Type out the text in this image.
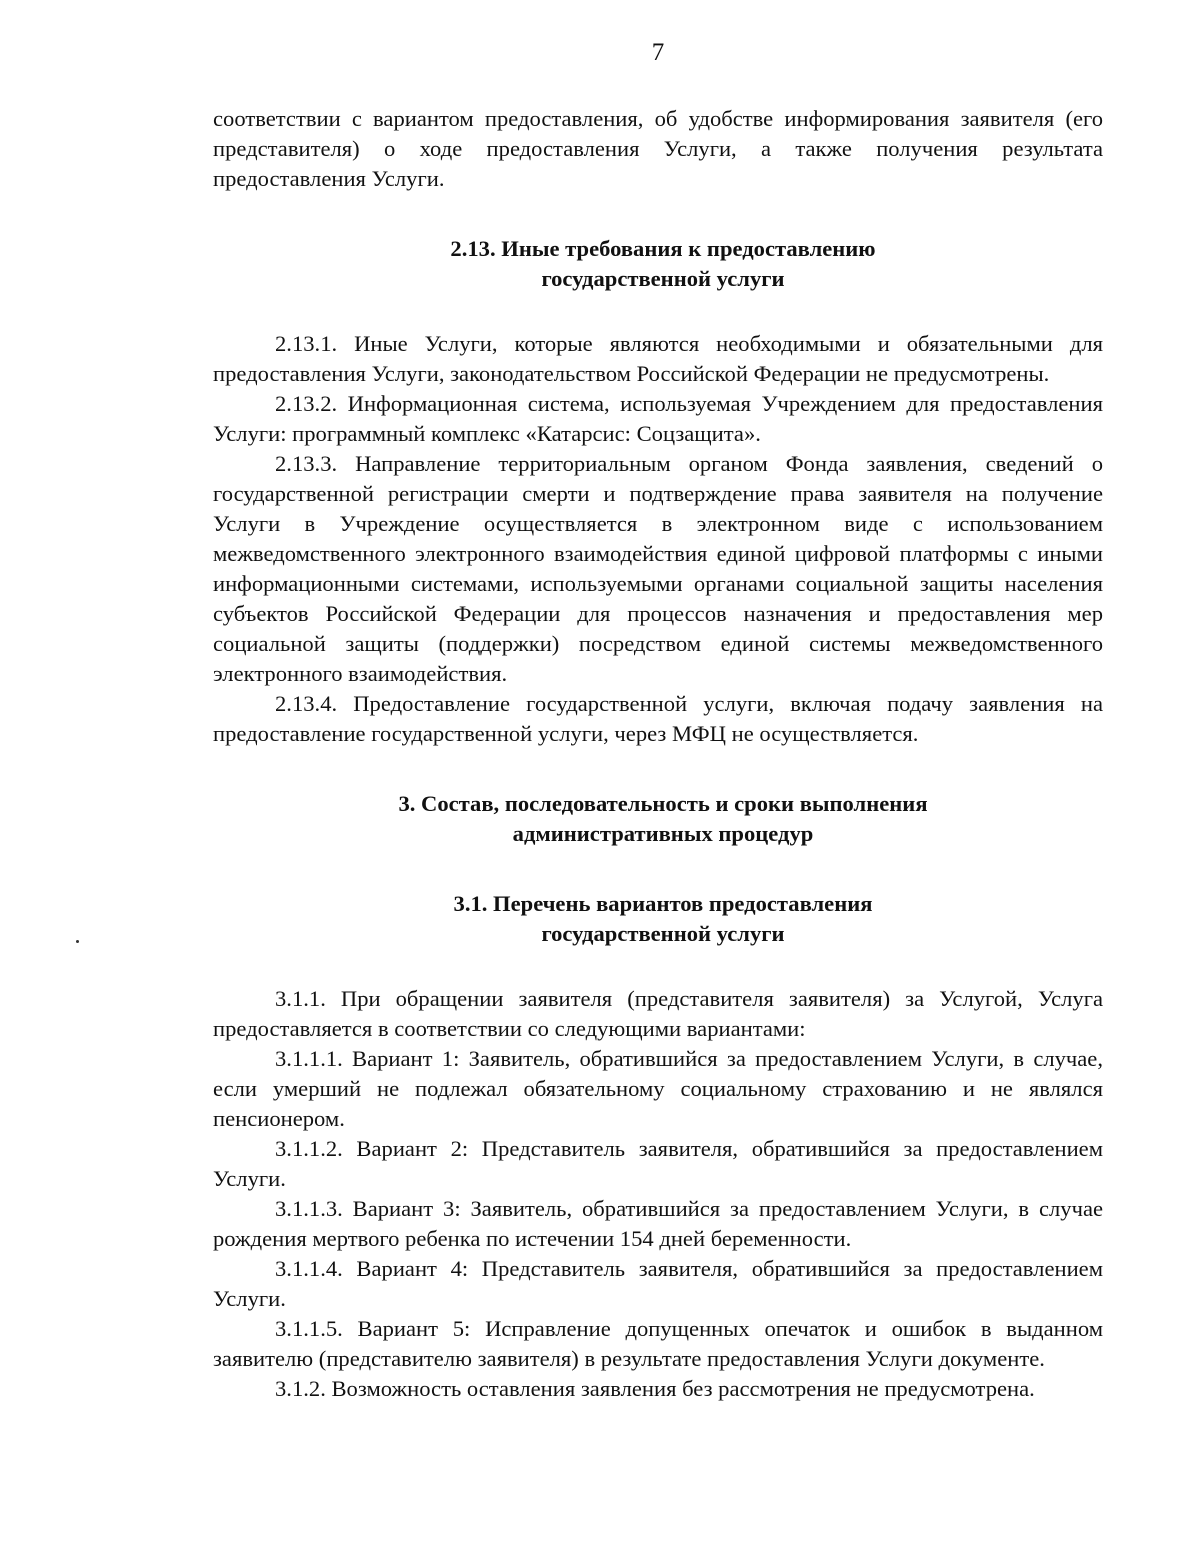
7

соответствии с вариантом предоставления, об удобстве информирования заявителя (его представителя) о ходе предоставления Услуги, а также получения результата предоставления Услуги.

2.13. Иные требования к предоставлению
государственной услуги

2.13.1. Иные Услуги, которые являются необходимыми и обязательными для предоставления Услуги, законодательством Российской Федерации не предусмотрены.

2.13.2. Информационная система, используемая Учреждением для предоставления Услуги: программный комплекс «Катарсис: Соцзащита».

2.13.3. Направление территориальным органом Фонда заявления, сведений о государственной регистрации смерти и подтверждение права заявителя на получение Услуги в Учреждение осуществляется в электронном виде с использованием межведомственного электронного взаимодействия единой цифровой платформы с иными информационными системами, используемыми органами социальной защиты населения субъектов Российской Федерации для процессов назначения и предоставления мер социальной защиты (поддержки) посредством единой системы межведомственного электронного взаимодействия.

2.13.4. Предоставление государственной услуги, включая подачу заявления на предоставление государственной услуги, через МФЦ не осуществляется.

3. Состав, последовательность и сроки выполнения
административных процедур
3.1. Перечень вариантов предоставления
государственной услуги

3.1.1. При обращении заявителя (представителя заявителя) за Услугой, Услуга предоставляется в соответствии со следующими вариантами:

3.1.1.1. Вариант 1: Заявитель, обратившийся за предоставлением Услуги, в случае, если умерший не подлежал обязательному социальному страхованию и не являлся пенсионером.

3.1.1.2. Вариант 2: Представитель заявителя, обратившийся за предоставлением Услуги.

3.1.1.3. Вариант 3: Заявитель, обратившийся за предоставлением Услуги, в случае рождения мертвого ребенка по истечении 154 дней беременности.

3.1.1.4. Вариант 4: Представитель заявителя, обратившийся за предоставлением Услуги.

3.1.1.5. Вариант 5: Исправление допущенных опечаток и ошибок в выданном заявителю (представителю заявителя) в результате предоставления Услуги документе.

3.1.2. Возможность оставления заявления без рассмотрения не предусмотрена.
